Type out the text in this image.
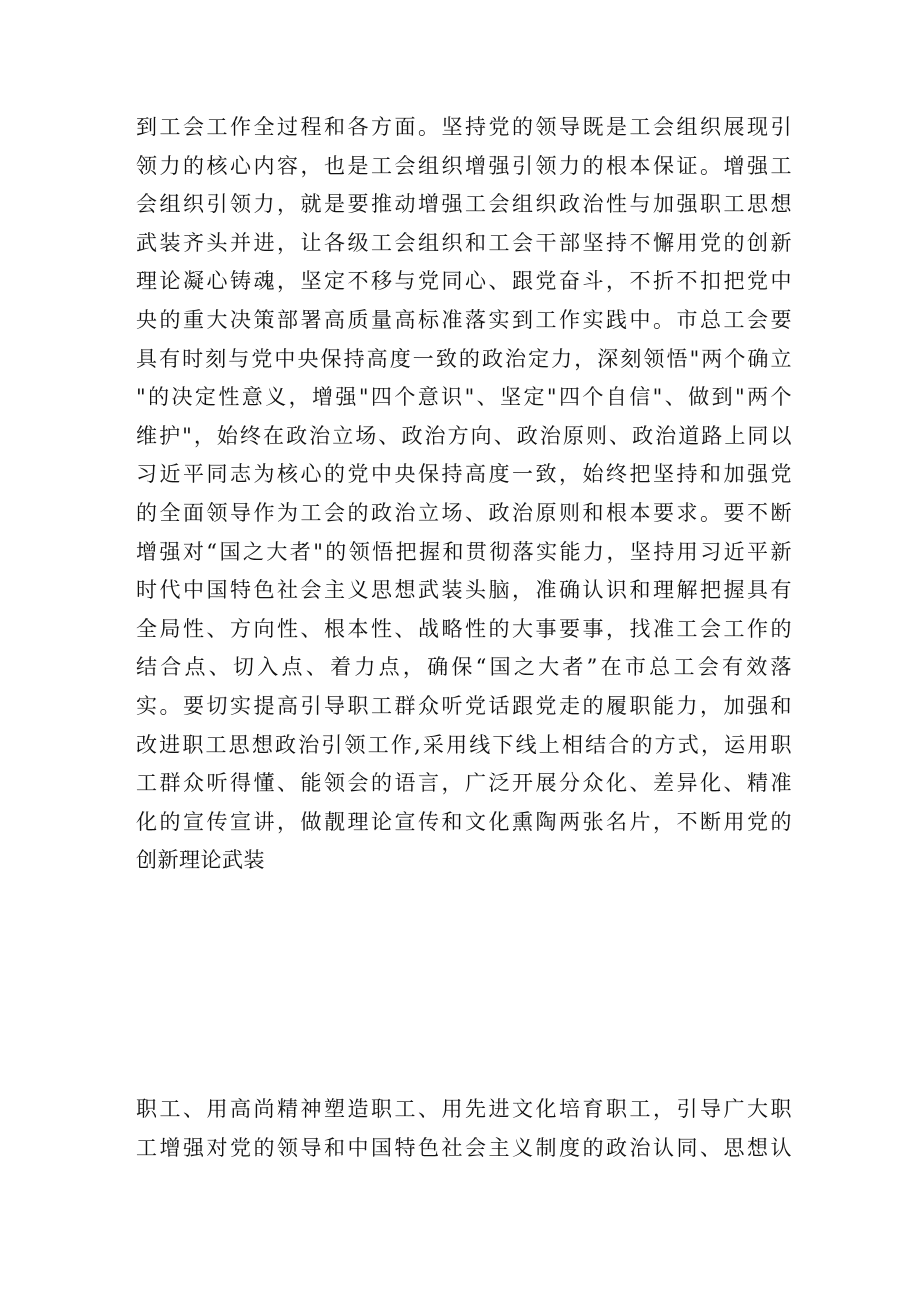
到工会工作全过程和各方面。坚持党的领导既是工会组织展现引
领力的核心内容，也是工会组织增强引领力的根本保证。增强工
会组织引领力，就是要推动增强工会组织政治性与加强职工思想
武装齐头并进，让各级工会组织和工会干部坚持不懈用党的创新
理论凝心铸魂，坚定不移与党同心、跟党奋斗，不折不扣把党中
央的重大决策部署高质量高标准落实到工作实践中。市总工会要
具有时刻与党中央保持高度一致的政治定力，深刻领悟"两个确立
"的决定性意义，增强"四个意识"、坚定"四个自信"、做到"两个
维护"，始终在政治立场、政治方向、政治原则、政治道路上同以
习近平同志为核心的党中央保持高度一致，始终把坚持和加强党
的全面领导作为工会的政治立场、政治原则和根本要求。要不断
增强对“国之大者"的领悟把握和贯彻落实能力，坚持用习近平新
时代中国特色社会主义思想武装头脑，准确认识和理解把握具有
全局性、方向性、根本性、战略性的大事要事，找准工会工作的
结合点、切入点、着力点，确保“国之大者”在市总工会有效落
实。要切实提高引导职工群众听党话跟党走的履职能力，加强和
改进职工思想政治引领工作,采用线下线上相结合的方式，运用职
工群众听得懂、能领会的语言，广泛开展分众化、差异化、精准
化的宣传宣讲，做靓理论宣传和文化熏陶两张名片，不断用党的
创新理论武装
职工、用高尚精神塑造职工、用先进文化培育职工，引导广大职
工增强对党的领导和中国特色社会主义制度的政治认同、思想认
